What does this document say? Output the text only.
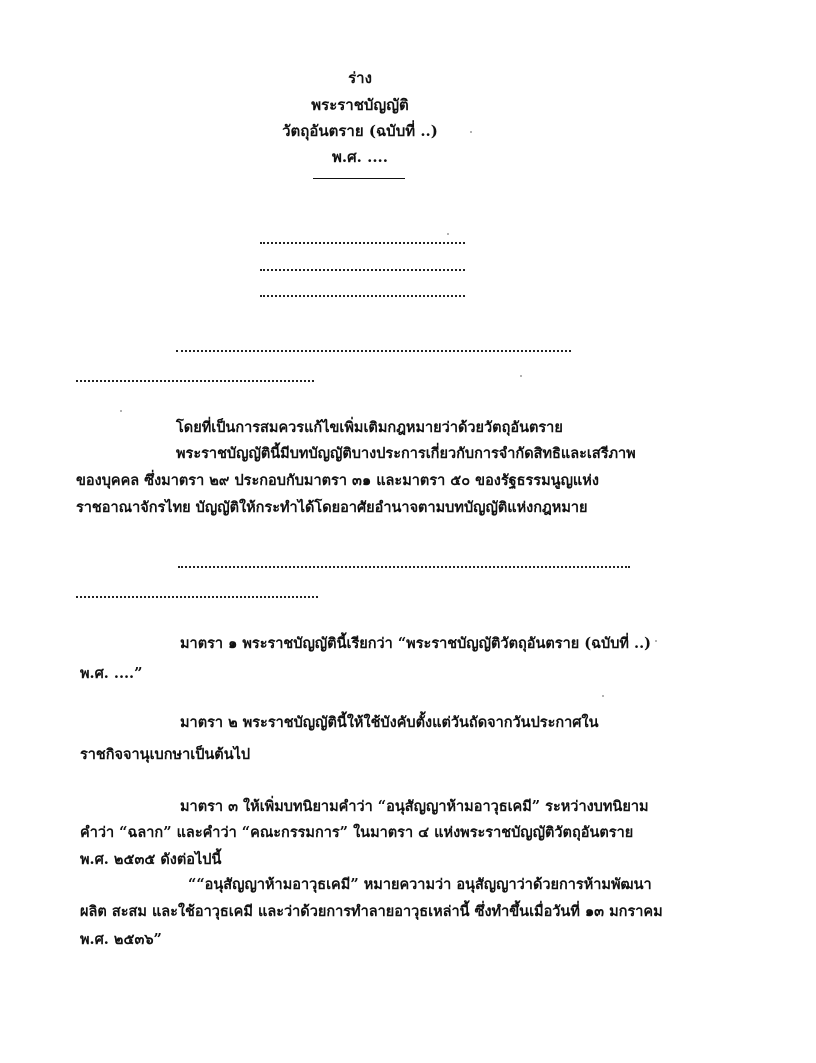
ร่าง
พระราชบัญญัติ
วัตถุอันตราย (ฉบับที่ ..)
พ.ศ. ....
โดยที่เป็นการสมควรแก้ไขเพิ่มเติมกฎหมายว่าด้วยวัตถุอันตราย
พระราชบัญญัตินี้มีบทบัญญัติบางประการเกี่ยวกับการจำกัดสิทธิและเสรีภาพ
ของบุคคล ซึ่งมาตรา ๒๙ ประกอบกับมาตรา ๓๑ และมาตรา ๕๐ ของรัฐธรรมนูญแห่ง
ราชอาณาจักรไทย บัญญัติให้กระทำได้โดยอาศัยอำนาจตามบทบัญญัติแห่งกฎหมาย
มาตรา ๑ พระราชบัญญัตินี้เรียกว่า “พระราชบัญญัติวัตถุอันตราย (ฉบับที่ ..)
พ.ศ. ....”
มาตรา ๒ พระราชบัญญัตินี้ให้ใช้บังคับตั้งแต่วันถัดจากวันประกาศใน
ราชกิจจานุเบกษาเป็นต้นไป
มาตรา ๓ ให้เพิ่มบทนิยามคำว่า “อนุสัญญาห้ามอาวุธเคมี” ระหว่างบทนิยาม
คำว่า “ฉลาก” และคำว่า “คณะกรรมการ” ในมาตรา ๔ แห่งพระราชบัญญัติวัตถุอันตราย
พ.ศ. ๒๕๓๕ ดังต่อไปนี้
““อนุสัญญาห้ามอาวุธเคมี” หมายความว่า อนุสัญญาว่าด้วยการห้ามพัฒนา
ผลิต สะสม และใช้อาวุธเคมี และว่าด้วยการทำลายอาวุธเหล่านี้ ซึ่งทำขึ้นเมื่อวันที่ ๑๓ มกราคม
พ.ศ. ๒๕๓๖”
